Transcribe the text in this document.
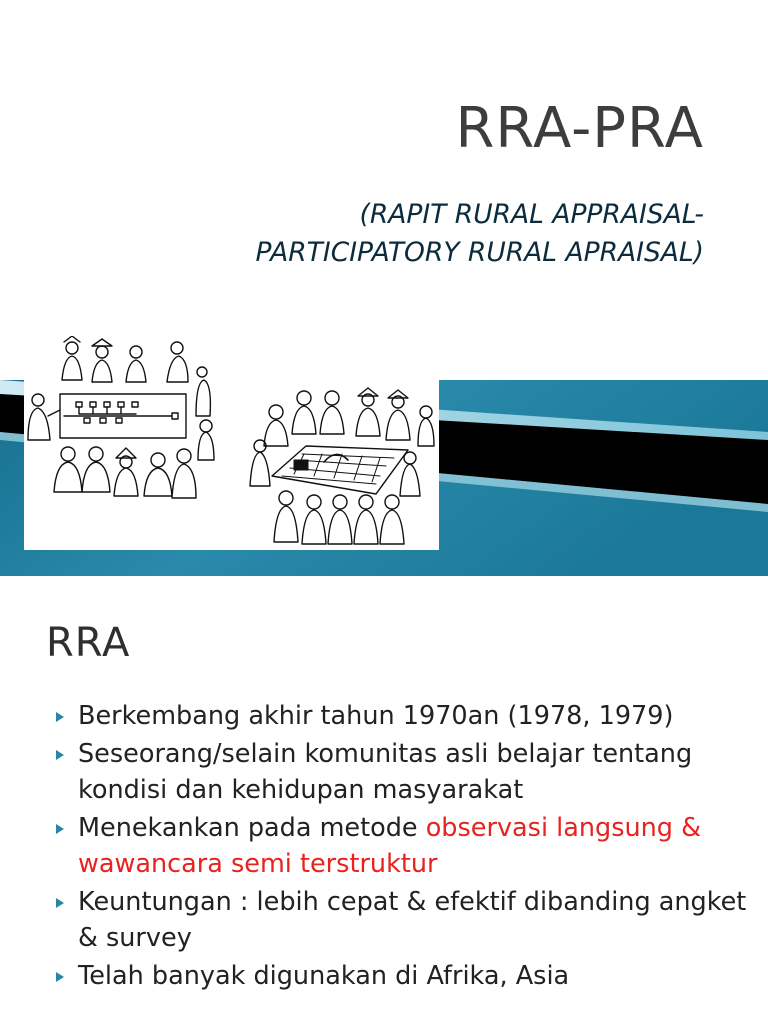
RRA-PRA
(RAPIT RURAL APPRAISAL-
PARTICIPATORY RURAL APRAISAL)
RRA
Berkembang akhir tahun 1970an (1978, 1979)
Seseorang/selain komunitas asli belajar tentang kondisi dan kehidupan masyarakat
Menekankan pada metode observasi langsung & wawancara semi terstruktur
Keuntungan : lebih cepat & efektif dibanding angket & survey
Telah banyak digunakan di Afrika, Asia
